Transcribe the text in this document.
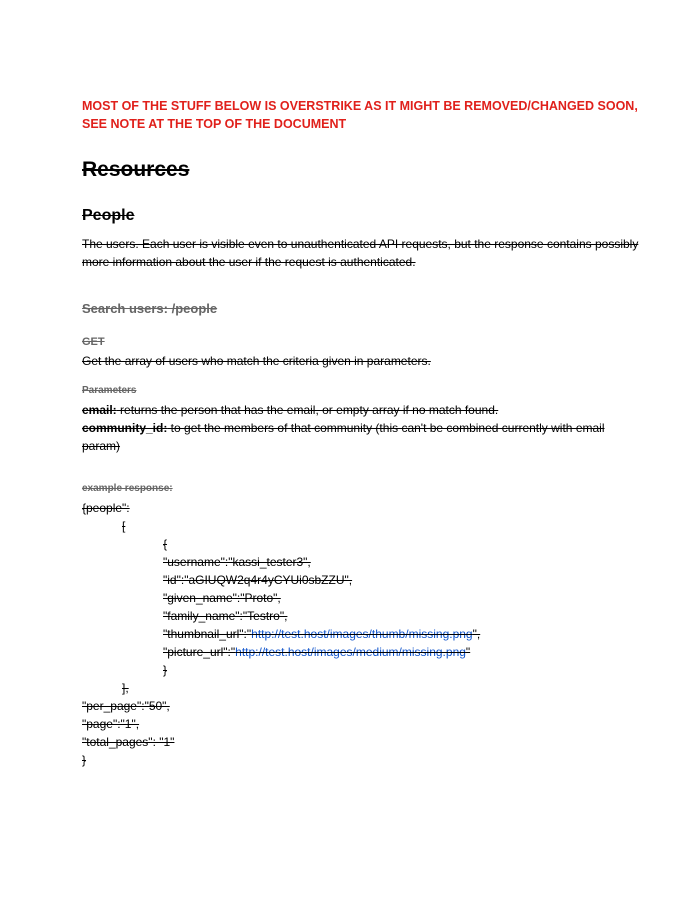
MOST OF THE STUFF BELOW IS OVERSTRIKE AS IT MIGHT BE REMOVED/CHANGED SOON, SEE NOTE AT THE TOP OF THE DOCUMENT
Resources
People
The users. Each user is visible even to unauthenticated API requests, but the response contains possibly more information about the user if the request is authenticated.
Search users: /people
GET
Get the array of users who match the criteria given in parameters.
Parameters
email: returns the person that has the email, or empty array if no match found.
community_id: to get the members of that community (this can't be combined currently with email param)
example response:
{people":
[
{
"username":"kassi_tester3",
"id":"aGIUQW2q4r4yCYUi0sbZZU",
"given_name":"Proto",
"family_name":"Testro",
"thumbnail_url":"http://test.host/images/thumb/missing.png",
"picture_url":"http://test.host/images/medium/missing.png"
}
],
"per_page":"50",
"page":"1",
"total_pages": "1"
}
